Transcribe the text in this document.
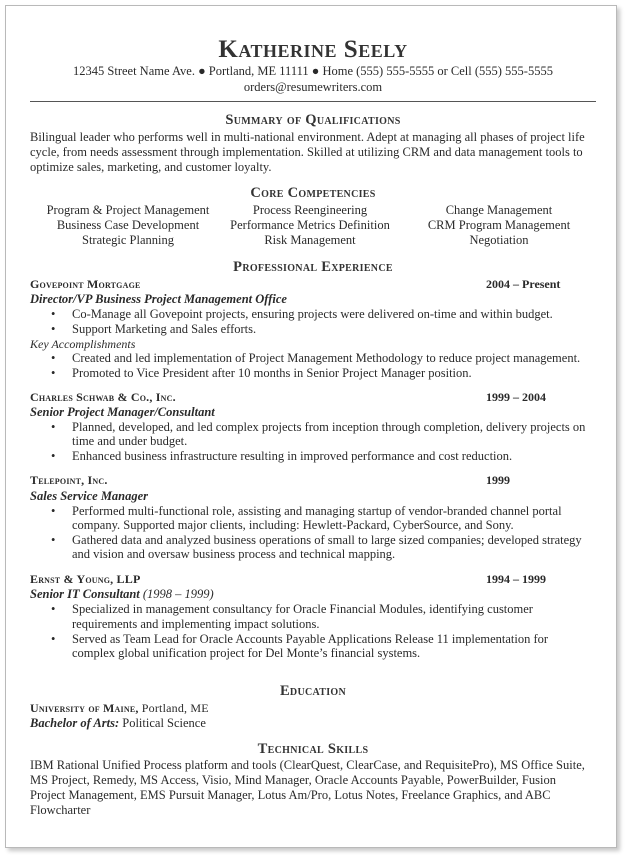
Katherine Seely
12345 Street Name Ave. ● Portland, ME 11111 ● Home (555) 555-5555 or Cell (555) 555-5555
orders@resumewriters.com
Summary of Qualifications
Bilingual leader who performs well in multi-national environment. Adept at managing all phases of project life
cycle, from needs assessment through implementation. Skilled at utilizing CRM and data management tools to
optimize sales, marketing, and customer loyalty.
Core Competencies
Program & Project Management	Process Reengineering	Change Management
Business Case Development	Performance Metrics Definition	CRM Program Management
Strategic Planning	Risk Management	Negotiation
Professional Experience
Govepoint Mortgage	2004 – Present
Director/VP Business Project Management Office
• Co-Manage all Govepoint projects, ensuring projects were delivered on-time and within budget.
• Support Marketing and Sales efforts.
Key Accomplishments
• Created and led implementation of Project Management Methodology to reduce project management.
• Promoted to Vice President after 10 months in Senior Project Manager position.
Charles Schwab & Co., Inc.	1999 – 2004
Senior Project Manager/Consultant
• Planned, developed, and led complex projects from inception through completion, delivery projects on
time and under budget.
• Enhanced business infrastructure resulting in improved performance and cost reduction.
Telepoint, Inc.	1999
Sales Service Manager
• Performed multi-functional role, assisting and managing startup of vendor-branded channel portal
company. Supported major clients, including: Hewlett-Packard, CyberSource, and Sony.
• Gathered data and analyzed business operations of small to large sized companies; developed strategy
and vision and oversaw business process and technical mapping.
Ernst & Young, LLP	1994 – 1999
Senior IT Consultant (1998 – 1999)
• Specialized in management consultancy for Oracle Financial Modules, identifying customer
requirements and implementing impact solutions.
• Served as Team Lead for Oracle Accounts Payable Applications Release 11 implementation for
complex global unification project for Del Monte’s financial systems.
Education
University of Maine, Portland, ME
Bachelor of Arts: Political Science
Technical Skills
IBM Rational Unified Process platform and tools (ClearQuest, ClearCase, and RequisitePro), MS Office Suite,
MS Project, Remedy, MS Access, Visio, Mind Manager, Oracle Accounts Payable, PowerBuilder, Fusion
Project Management, EMS Pursuit Manager, Lotus Am/Pro, Lotus Notes, Freelance Graphics, and ABC
Flowcharter
